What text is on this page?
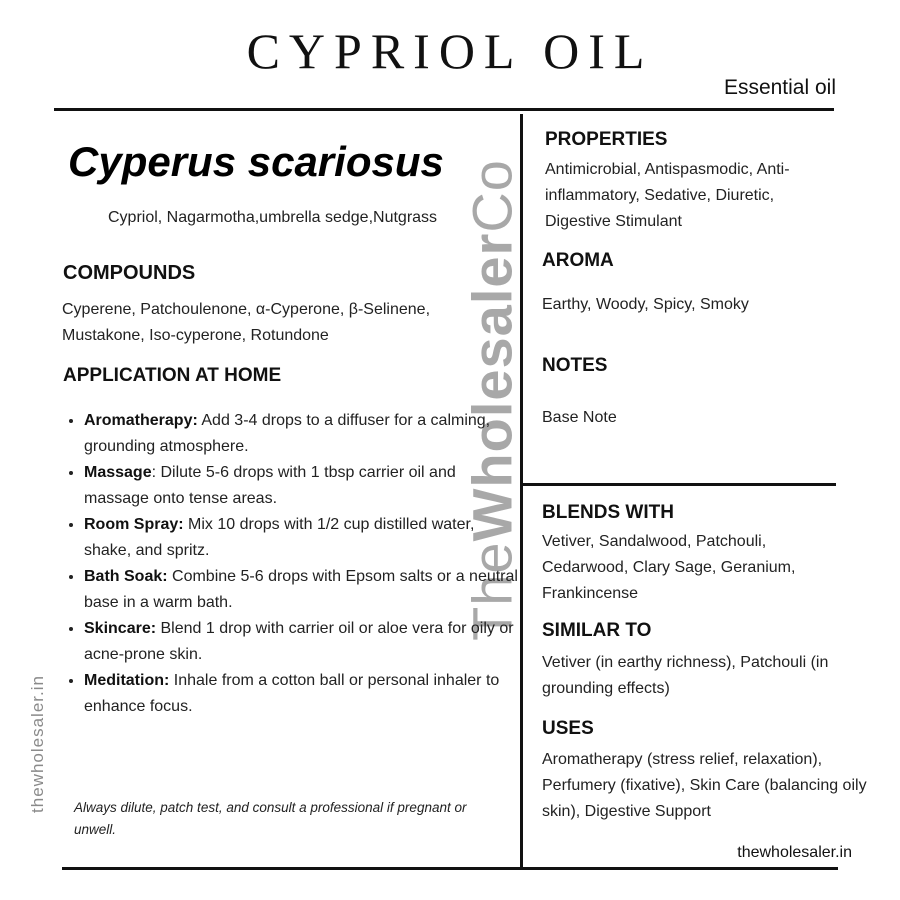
CYPRIOL OIL
Essential oil
thewholesaler.in
TheWholesalerCo
Cyperus scariosus
Cypriol, Nagarmotha,umbrella sedge,Nutgrass
COMPOUNDS
Cyperene, Patchoulenone, α-Cyperone, β-Selinene,
Mustakone, Iso-cyperone, Rotundone
APPLICATION AT HOME
• Aromatherapy: Add 3-4 drops to a diffuser for a calming, grounding atmosphere.
• Massage: Dilute 5-6 drops with 1 tbsp carrier oil and massage onto tense areas.
• Room Spray: Mix 10 drops with 1/2 cup distilled water, shake, and spritz.
• Bath Soak: Combine 5-6 drops with Epsom salts or a neutral base in a warm bath.
• Skincare: Blend 1 drop with carrier oil or aloe vera for oily or acne-prone skin.
• Meditation: Inhale from a cotton ball or personal inhaler to enhance focus.
Always dilute, patch test, and consult a professional if pregnant or unwell.
PROPERTIES
Antimicrobial, Antispasmodic, Anti-inflammatory, Sedative, Diuretic, Digestive Stimulant
AROMA
Earthy, Woody, Spicy, Smoky
NOTES
Base Note
BLENDS WITH
Vetiver, Sandalwood, Patchouli, Cedarwood, Clary Sage, Geranium, Frankincense
SIMILAR TO
Vetiver (in earthy richness), Patchouli (in grounding effects)
USES
Aromatherapy (stress relief, relaxation), Perfumery (fixative), Skin Care (balancing oily skin), Digestive Support
thewholesaler.in
